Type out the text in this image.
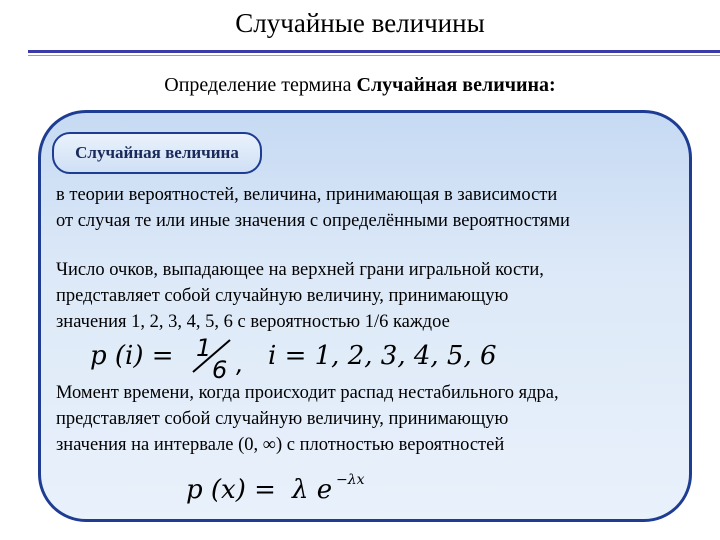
Случайные величины
Определение термина Случайная величина:
Случайная величина
в теории вероятностей, величина, принимающая в зависимости
от случая те или иные значения с определёнными вероятностями
Число очков, выпадающее на верхней грани игральной кости,
представляет собой случайную величину, принимающую
значения 1, 2, 3, 4, 5, 6 с вероятностью 1/6 каждое
p (i) = 1
6 , i = 1, 2, 3, 4, 5, 6
Момент времени, когда происходит распад нестабильного ядра,
представляет собой случайную величину, принимающую
значения на интервале (0, ∞) с плотностью вероятностей
p (x) = λ e −λx
